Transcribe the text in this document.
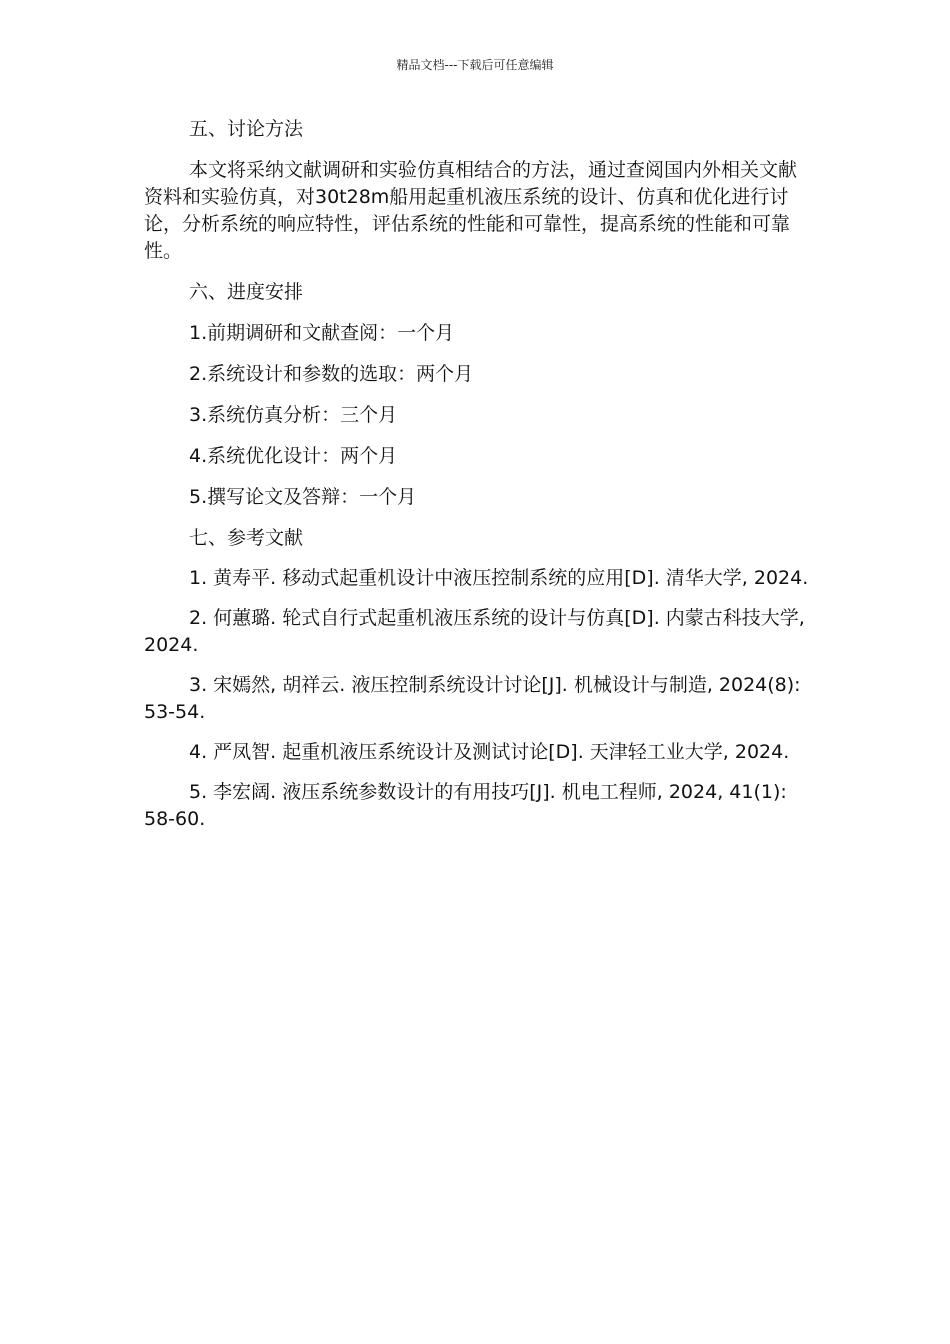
精品文档---下载后可任意编辑

五、讨论方法

本文将采纳文献调研和实验仿真相结合的方法，通过查阅国内外相关文献资料和实验仿真，对30t28m船用起重机液压系统的设计、仿真和优化进行讨论，分析系统的响应特性，评估系统的性能和可靠性，提高系统的性能和可靠性。

六、进度安排

1.前期调研和文献查阅：一个月

2.系统设计和参数的选取：两个月

3.系统仿真分析：三个月

4.系统优化设计：两个月

5.撰写论文及答辩：一个月

七、参考文献

1. 黄寿平. 移动式起重机设计中液压控制系统的应用[D]. 清华大学, 2024.

2. 何蕙璐. 轮式自行式起重机液压系统的设计与仿真[D]. 内蒙古科技大学, 2024.

3. 宋嫣然, 胡祥云. 液压控制系统设计讨论[J]. 机械设计与制造, 2024(8): 53-54.

4. 严凤智. 起重机液压系统设计及测试讨论[D]. 天津轻工业大学, 2024.

5. 李宏阔. 液压系统参数设计的有用技巧[J]. 机电工程师, 2024, 41(1): 58-60.
